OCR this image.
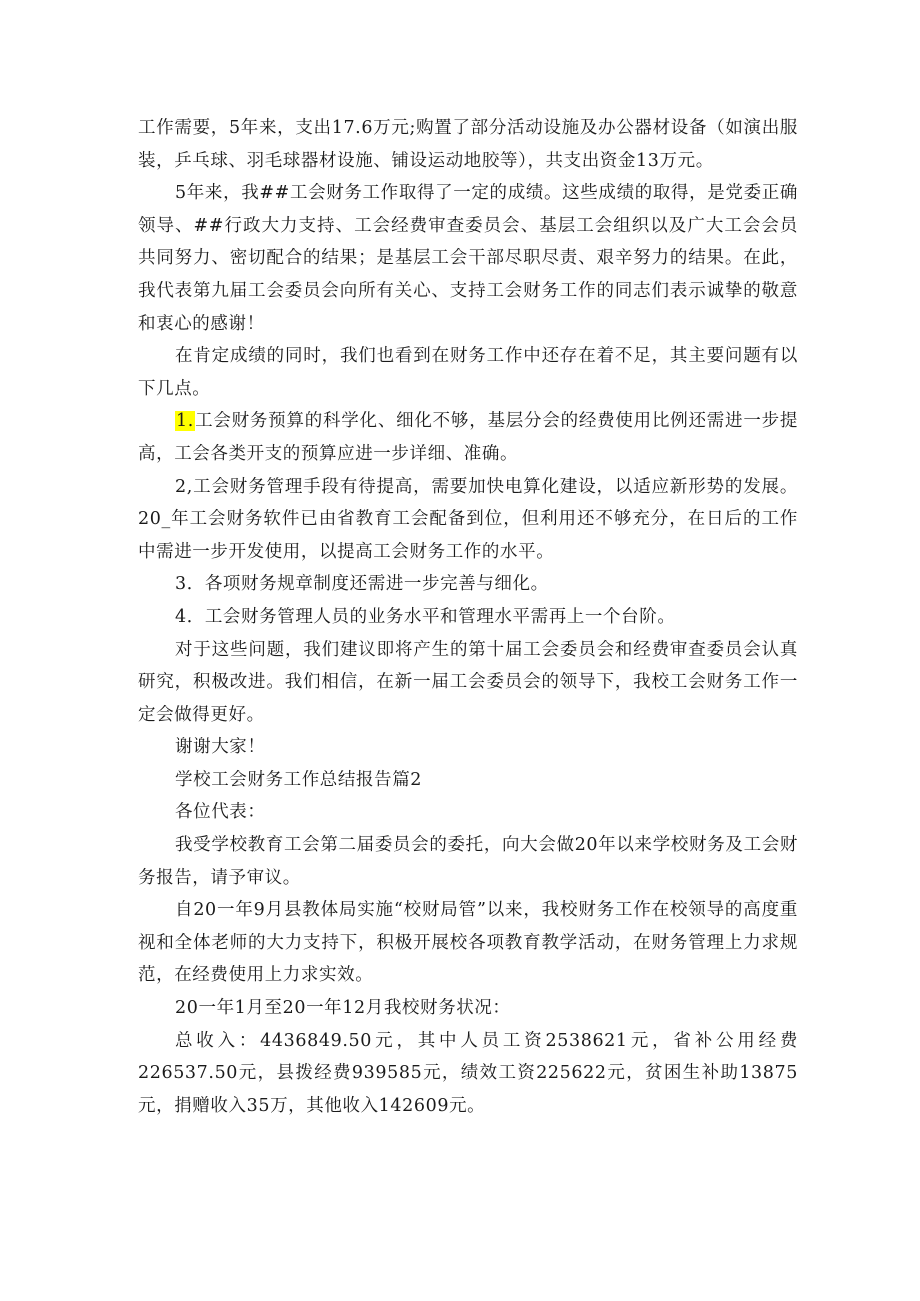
工作需要，5年来，支出17.6万元;购置了部分活动设施及办公器材设备（如演出服装，乒乓球、羽毛球器材设施、铺设运动地胶等），共支出资金13万元。

5年来，我##工会财务工作取得了一定的成绩。这些成绩的取得，是党委正确领导、##行政大力支持、工会经费审查委员会、基层工会组织以及广大工会会员共同努力、密切配合的结果；是基层工会干部尽职尽责、艰辛努力的结果。在此，我代表第九届工会委员会向所有关心、支持工会财务工作的同志们表示诚挚的敬意和衷心的感谢！

在肯定成绩的同时，我们也看到在财务工作中还存在着不足，其主要问题有以下几点。

1.工会财务预算的科学化、细化不够，基层分会的经费使用比例还需进一步提高，工会各类开支的预算应进一步详细、准确。

2,工会财务管理手段有待提高，需要加快电算化建设，以适应新形势的发展。20_年工会财务软件已由省教育工会配备到位，但利用还不够充分，在日后的工作中需进一步开发使用，以提高工会财务工作的水平。

3．各项财务规章制度还需进一步完善与细化。

4．工会财务管理人员的业务水平和管理水平需再上一个台阶。

对于这些问题，我们建议即将产生的第十届工会委员会和经费审查委员会认真研究，积极改进。我们相信，在新一届工会委员会的领导下，我校工会财务工作一定会做得更好。

谢谢大家！

学校工会财务工作总结报告篇2

各位代表：

我受学校教育工会第二届委员会的委托，向大会做20年以来学校财务及工会财务报告，请予审议。

自20一年9月县教体局实施“校财局管”以来，我校财务工作在校领导的高度重视和全体老师的大力支持下，积极开展校各项教育教学活动，在财务管理上力求规范，在经费使用上力求实效。

20一年1月至20一年12月我校财务状况：

总收入：4436849.50元，其中人员工资2538621元，省补公用经费226537.50元，县拨经费939585元，绩效工资225622元，贫困生补助13875元，捐赠收入35万，其他收入142609元。
